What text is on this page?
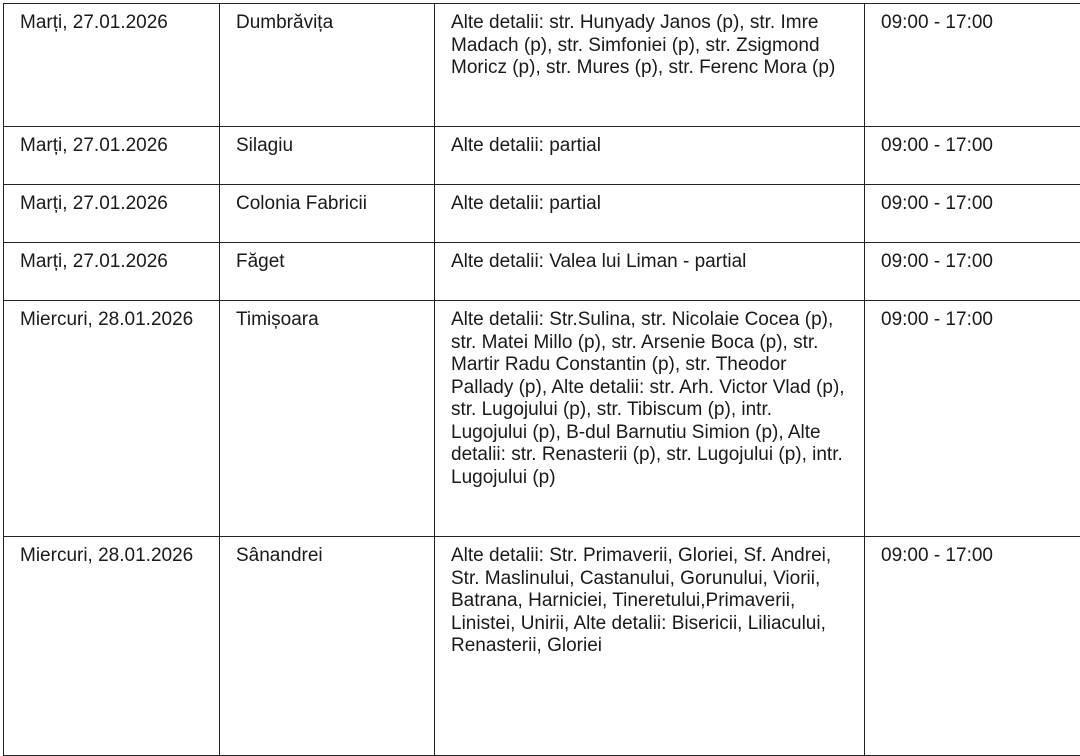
Marți, 27.01.2026	Dumbrăvița	Alte detalii: str. Hunyady Janos (p), str. Imre Madach (p), str. Simfoniei (p), str. Zsigmond Moricz (p), str. Mures (p), str. Ferenc Mora (p)	09:00 - 17:00
Marți, 27.01.2026	Silagiu	Alte detalii: partial	09:00 - 17:00
Marți, 27.01.2026	Colonia Fabricii	Alte detalii: partial	09:00 - 17:00
Marți, 27.01.2026	Făget	Alte detalii: Valea lui Liman - partial	09:00 - 17:00
Miercuri, 28.01.2026	Timișoara	Alte detalii: Str.Sulina, str. Nicolaie Cocea (p), str. Matei Millo (p), str. Arsenie Boca (p), str. Martir Radu Constantin (p), str. Theodor Pallady (p), Alte detalii: str. Arh. Victor Vlad (p), str. Lugojului (p), str. Tibiscum (p), intr. Lugojului (p), B-dul Barnutiu Simion (p), Alte detalii: str. Renasterii (p), str. Lugojului (p), intr. Lugojului (p)	09:00 - 17:00
Miercuri, 28.01.2026	Sânandrei	Alte detalii: Str. Primaverii, Gloriei, Sf. Andrei, Str. Maslinului, Castanului, Gorunului, Viorii, Batrana, Harniciei, Tineretului,Primaverii, Linistei, Unirii, Alte detalii: Bisericii, Liliacului, Renasterii, Gloriei	09:00 - 17:00
